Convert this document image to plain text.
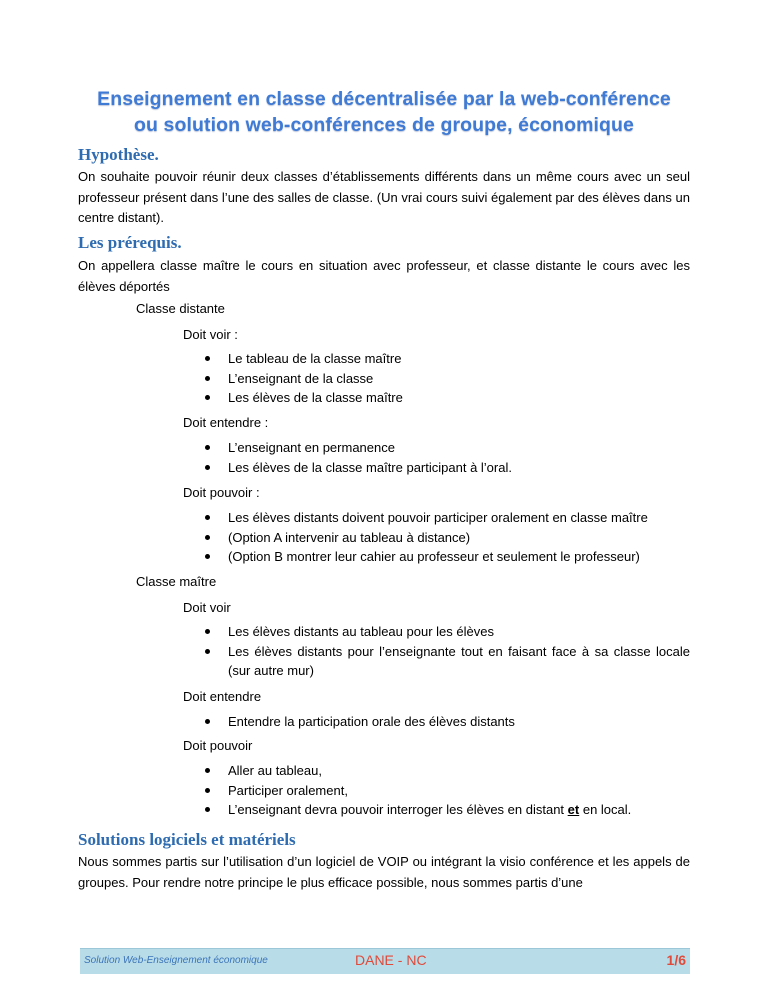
Enseignement en classe décentralisée par la web-conférence
ou solution web-conférences de groupe, économique
Hypothèse.
On souhaite pouvoir réunir deux classes d’établissements différents dans un même cours avec un seul professeur présent dans l’une des salles de classe. (Un vrai cours suivi également par des élèves dans un centre distant).
Les prérequis.
On appellera classe maître le cours en situation avec professeur, et classe distante le cours avec les élèves déportés
Classe distante
Doit voir :
Le tableau de la classe maître
L’enseignant de la classe
Les élèves de la classe maître
Doit entendre :
L’enseignant en permanence
Les élèves de la classe maître participant à l’oral.
Doit pouvoir :
Les élèves distants doivent pouvoir participer oralement en classe maître
(Option A intervenir au tableau à distance)
(Option B montrer leur cahier au professeur et seulement le professeur)
Classe maître
Doit voir
Les élèves distants au tableau pour les élèves
Les élèves distants pour l’enseignante tout en faisant face à sa classe locale (sur autre mur)
Doit entendre
Entendre la participation orale des élèves distants
Doit pouvoir
Aller au tableau,
Participer oralement,
L’enseignant devra pouvoir interroger les élèves en distant et en local.
Solutions logiciels et matériels
Nous sommes partis sur l’utilisation d’un logiciel de VOIP ou intégrant la visio conférence et les appels de groupes. Pour rendre notre principe le plus efficace possible, nous sommes partis d’une
Solution Web-Enseignement économique	DANE - NC	1/6
